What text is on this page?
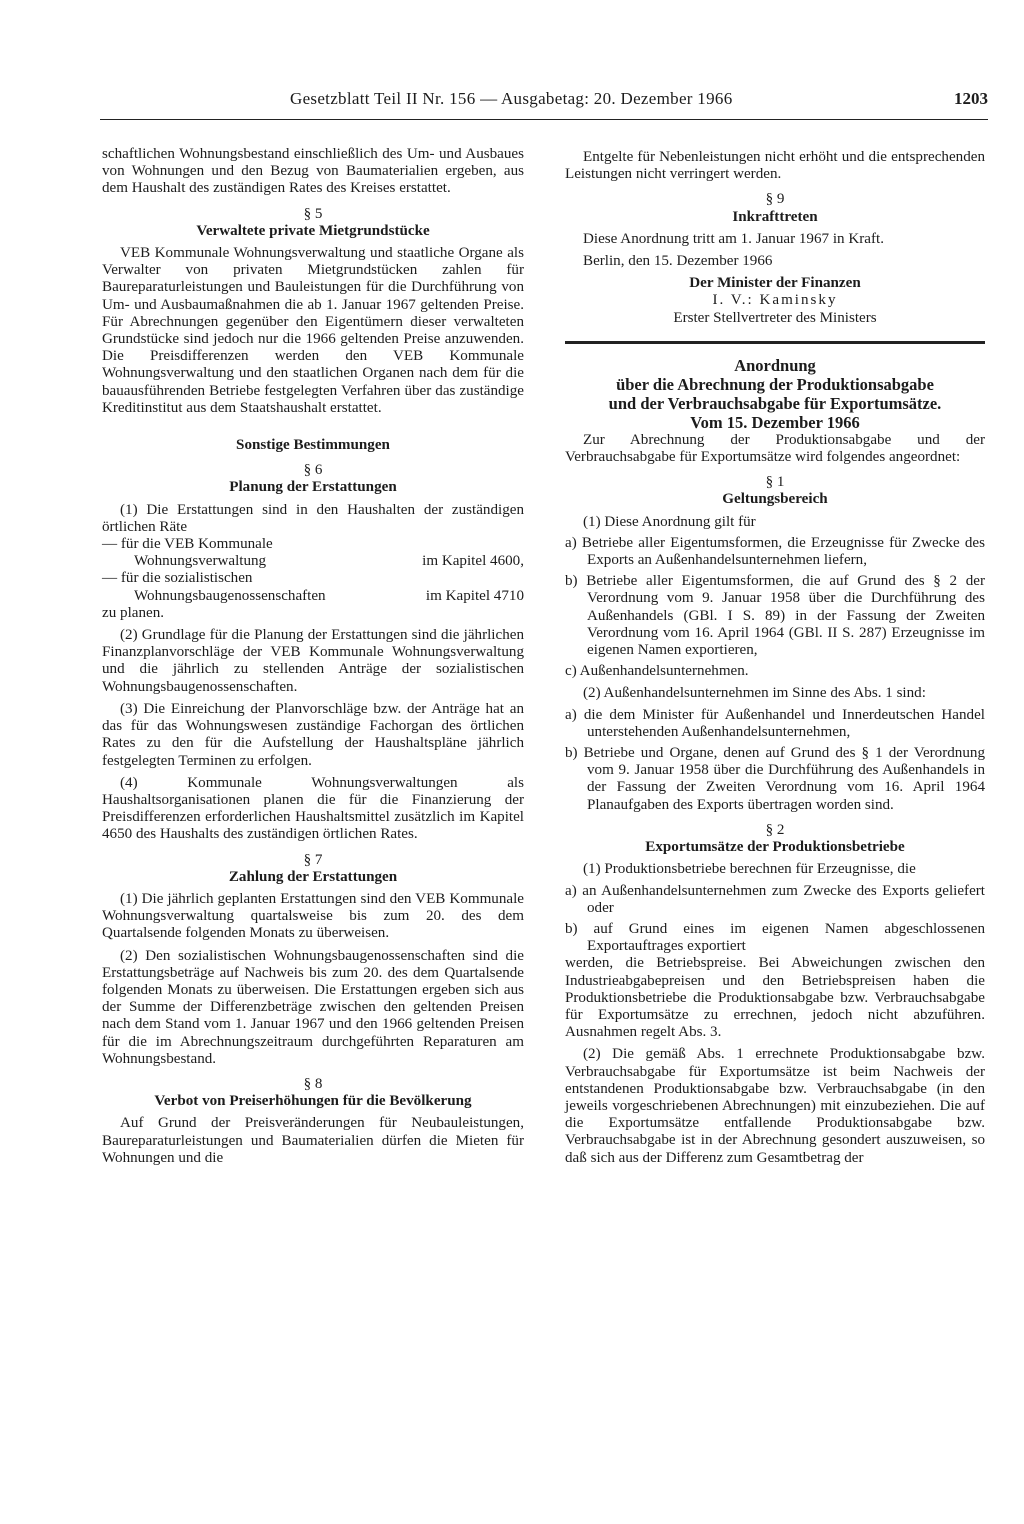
Gesetzblatt Teil II Nr. 156 — Ausgabetag: 20. Dezember 1966	1203

schaftlichen Wohnungsbestand einschließlich des Um- und Ausbaues von Wohnungen und den Bezug von Baumaterialien ergeben, aus dem Haushalt des zuständigen Rates des Kreises erstattet.

§ 5

Verwaltete private Mietgrundstücke

VEB Kommunale Wohnungsverwaltung und staatliche Organe als Verwalter von privaten Mietgrundstücken zahlen für Baureparaturleistungen und Bauleistungen für die Durchführung von Um- und Ausbaumaßnahmen die ab 1. Januar 1967 geltenden Preise. Für Abrechnungen gegenüber den Eigentümern dieser verwalteten Grundstücke sind jedoch nur die 1966 geltenden Preise anzuwenden. Die Preisdifferenzen werden den VEB Kommunale Wohnungsverwaltung und den staatlichen Organen nach dem für die bauausführenden Betriebe festgelegten Verfahren über das zuständige Kreditinstitut aus dem Staatshaushalt erstattet.

Sonstige Bestimmungen

§ 6

Planung der Erstattungen

(1) Die Erstattungen sind in den Haushalten der zuständigen örtlichen Räte

— für die VEB Kommunale
Wohnungsverwaltung	im Kapitel 4600,
— für die sozialistischen
Wohnungsbaugenossenschaften	im Kapitel 4710

zu planen.

(2) Grundlage für die Planung der Erstattungen sind die jährlichen Finanzplanvorschläge der VEB Kommunale Wohnungsverwaltung und die jährlich zu stellenden Anträge der sozialistischen Wohnungsbaugenossenschaften.

(3) Die Einreichung der Planvorschläge bzw. der Anträge hat an das für das Wohnungswesen zuständige Fachorgan des örtlichen Rates zu den für die Aufstellung der Haushaltspläne jährlich festgelegten Terminen zu erfolgen.

(4) Kommunale Wohnungsverwaltungen als Haushaltsorganisationen planen die für die Finanzierung der Preisdifferenzen erforderlichen Haushaltsmittel zusätzlich im Kapitel 4650 des Haushalts des zuständigen örtlichen Rates.

§ 7

Zahlung der Erstattungen

(1) Die jährlich geplanten Erstattungen sind den VEB Kommunale Wohnungsverwaltung quartalsweise bis zum 20. des dem Quartalsende folgenden Monats zu überweisen.

(2) Den sozialistischen Wohnungsbaugenossenschaften sind die Erstattungsbeträge auf Nachweis bis zum 20. des dem Quartalsende folgenden Monats zu überweisen. Die Erstattungen ergeben sich aus der Summe der Differenzbeträge zwischen den geltenden Preisen nach dem Stand vom 1. Januar 1967 und den 1966 geltenden Preisen für die im Abrechnungszeitraum durchgeführten Reparaturen am Wohnungsbestand.

§ 8

Verbot von Preiserhöhungen für die Bevölkerung

Auf Grund der Preisveränderungen für Neubauleistungen, Baureparaturleistungen und Baumaterialien dürfen die Mieten für Wohnungen und die

Entgelte für Nebenleistungen nicht erhöht und die entsprechenden Leistungen nicht verringert werden.

§ 9

Inkrafttreten

Diese Anordnung tritt am 1. Januar 1967 in Kraft.

Berlin, den 15. Dezember 1966

Der Minister der Finanzen

I. V.: Kaminsky

Erster Stellvertreter des Ministers

Anordnung

über die Abrechnung der Produktionsabgabe

und der Verbrauchsabgabe für Exportumsätze.

Vom 15. Dezember 1966

Zur Abrechnung der Produktionsabgabe und der Verbrauchsabgabe für Exportumsätze wird folgendes angeordnet:

§ 1

Geltungsbereich

(1) Diese Anordnung gilt für

a) Betriebe aller Eigentumsformen, die Erzeugnisse für Zwecke des Exports an Außenhandelsunternehmen liefern,

b) Betriebe aller Eigentumsformen, die auf Grund des § 2 der Verordnung vom 9. Januar 1958 über die Durchführung des Außenhandels (GBl. I S. 89) in der Fassung der Zweiten Verordnung vom 16. April 1964 (GBl. II S. 287) Erzeugnisse im eigenen Namen exportieren,

c) Außenhandelsunternehmen.

(2) Außenhandelsunternehmen im Sinne des Abs. 1 sind:

a) die dem Minister für Außenhandel und Innerdeutschen Handel unterstehenden Außenhandelsunternehmen,

b) Betriebe und Organe, denen auf Grund des § 1 der Verordnung vom 9. Januar 1958 über die Durchführung des Außenhandels in der Fassung der Zweiten Verordnung vom 16. April 1964 Planaufgaben des Exports übertragen worden sind.

§ 2

Exportumsätze der Produktionsbetriebe

(1) Produktionsbetriebe berechnen für Erzeugnisse, die

a) an Außenhandelsunternehmen zum Zwecke des Exports geliefert oder

b) auf Grund eines im eigenen Namen abgeschlossenen Exportauftrages exportiert

werden, die Betriebspreise. Bei Abweichungen zwischen den Industrieabgabepreisen und den Betriebspreisen haben die Produktionsbetriebe die Produktionsabgabe bzw. Verbrauchsabgabe für Exportumsätze zu errechnen, jedoch nicht abzuführen. Ausnahmen regelt Abs. 3.

(2) Die gemäß Abs. 1 errechnete Produktionsabgabe bzw. Verbrauchsabgabe für Exportumsätze ist beim Nachweis der entstandenen Produktionsabgabe bzw. Verbrauchsabgabe (in den jeweils vorgeschriebenen Abrechnungen) mit einzubeziehen. Die auf die Exportumsätze entfallende Produktionsabgabe bzw. Verbrauchsabgabe ist in der Abrechnung gesondert auszuweisen, so daß sich aus der Differenz zum Gesamtbetrag der
